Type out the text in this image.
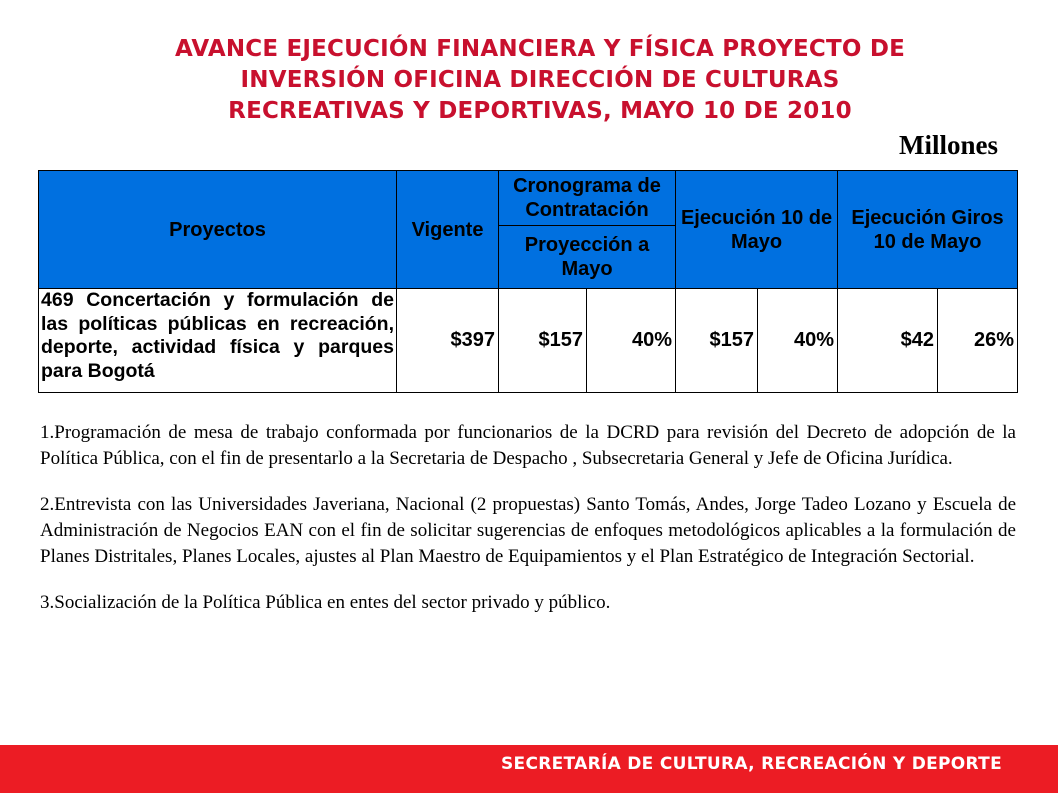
AVANCE EJECUCIÓN FINANCIERA Y FÍSICA PROYECTO DE
INVERSIÓN OFICINA DIRECCIÓN DE CULTURAS
RECREATIVAS Y DEPORTIVAS, MAYO 10 DE 2010
Millones
Proyectos	Vigente	Cronograma de Contratación		Ejecución 10 de Mayo		Ejecución Giros 10 de Mayo	
		Proyección a Mayo					
469 Concertación y formulación de las políticas públicas en recreación, deporte, actividad física y parques para Bogotá	$397	$157	40%	$157	40%	$42	26%

1.Programación de mesa de trabajo conformada por funcionarios de la DCRD para revisión del Decreto de adopción de la Política Pública, con el fin de presentarlo a la Secretaria de Despacho , Subsecretaria General y Jefe de Oficina Jurídica.

2.Entrevista con las Universidades Javeriana, Nacional (2 propuestas) Santo Tomás, Andes, Jorge Tadeo Lozano y Escuela de Administración de Negocios EAN con el fin de solicitar sugerencias de enfoques metodológicos aplicables a la formulación de Planes Distritales, Planes Locales, ajustes al Plan Maestro de Equipamientos y el Plan Estratégico de Integración Sectorial.

3.Socialización de la Política Pública en entes del sector privado y público.

SECRETARÍA DE CULTURA, RECREACIÓN Y DEPORTE
